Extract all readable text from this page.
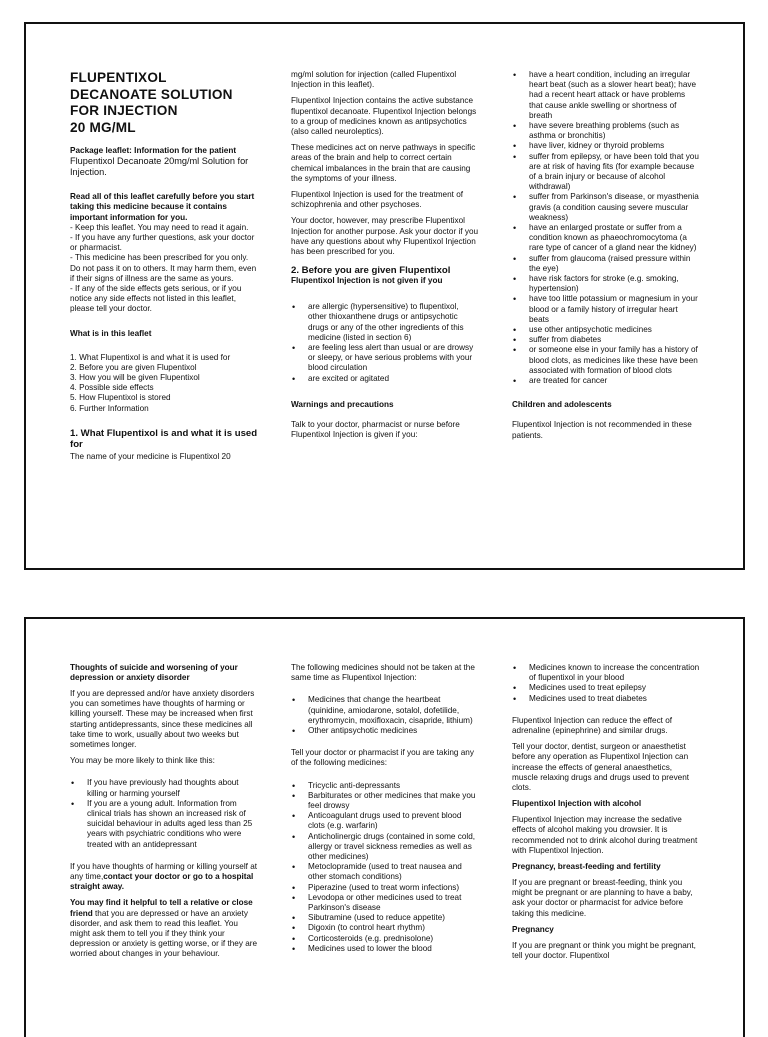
FLUPENTIXOL
DECANOATE SOLUTION
FOR INJECTION
20 MG/ML

Package leaflet: Information for the patient
Flupentixol Decanoate 20mg/ml Solution for Injection.

Read all of this leaflet carefully before you start taking this medicine because it contains important information for you.
- Keep this leaflet. You may need to read it again.
- If you have any further questions, ask your doctor or pharmacist.
- This medicine has been prescribed for you only. Do not pass it on to others. It may harm them, even if their signs of illness are the same as yours.
- If any of the side effects gets serious, or if you notice any side effects not listed in this leaflet, please tell your doctor.

What is in this leaflet
1. What Flupentixol is and what it is used for
2. Before you are given Flupentixol
3. How you will be given Flupentixol
4. Possible side effects
5. How Flupentixol is stored
6. Further Information
1. What Flupentixol is and what it is used for

The name of your medicine is Flupentixol 20

mg/ml solution for injection (called Flupentixol Injection in this leaflet).

Flupentixol Injection contains the active substance flupentixol decanoate. Flupentixol Injection belongs to a group of medicines known as antipsychotics (also called neuroleptics).

These medicines act on nerve pathways in specific areas of the brain and help to correct certain chemical imbalances in the brain that are causing the symptoms of your illness.

Flupentixol Injection is used for the treatment of schizophrenia and other psychoses.

Your doctor, however, may prescribe Flupentixol Injection for another purpose. Ask your doctor if you have any questions about why Flupentixol Injection has been prescribed for you.

2. Before you are given Flupentixol
Flupentixol Injection is not given if you
• are allergic (hypersensitive) to flupentixol, other thioxanthene drugs or antipsychotic drugs or any of the other ingredients of this medicine (listed in section 6)
• are feeling less alert than usual or are drowsy or sleepy, or have serious problems with your blood circulation
• are excited or agitated
Warnings and precautions

Talk to your doctor, pharmacist or nurse before Flupentixol Injection is given if you:

• have a heart condition, including an irregular heart beat (such as a slower heart beat); have had a recent heart attack or have problems that cause ankle swelling or shortness of breath
• have severe breathing problems (such as asthma or bronchitis)
• have liver, kidney or thyroid problems
• suffer from epilepsy, or have been told that you are at risk of having fits (for example because of a brain injury or because of alcohol withdrawal)
• suffer from Parkinson's disease, or myasthenia gravis (a condition causing severe muscular weakness)
• have an enlarged prostate or suffer from a condition known as phaeochromocytoma (a rare type of cancer of a gland near the kidney)
• suffer from glaucoma (raised pressure within the eye)
• have risk factors for stroke (e.g. smoking, hypertension)
• have too little potassium or magnesium in your blood or a family history of irregular heart beats
• use other antipsychotic medicines
• suffer from diabetes
• or someone else in your family has a history of blood clots, as medicines like these have been associated with formation of blood clots
• are treated for cancer
Children and adolescents

Flupentixol Injection is not recommended in these patients.

Thoughts of suicide and worsening of your depression or anxiety disorder

If you are depressed and/or have anxiety disorders you can sometimes have thoughts of harming or killing yourself. These may be increased when first starting antidepressants, since these medicines all take time to work, usually about two weeks but sometimes longer.

You may be more likely to think like this:

• If you have previously had thoughts about killing or harming yourself
• If you are a young adult. Information from clinical trials has shown an increased risk of suicidal behaviour in adults aged less than 25 years with psychiatric conditions who were treated with an antidepressant

If you have thoughts of harming or killing yourself at any time,contact your doctor or go to a hospital straight away.

You may find it helpful to tell a relative or close friend that you are depressed or have an anxiety disorder, and ask them to read this leaflet. You might ask them to tell you if they think your depression or anxiety is getting worse, or if they are worried about changes in your behaviour.

The following medicines should not be taken at the same time as Flupentixol Injection:

• Medicines that change the heartbeat (quinidine, amiodarone, sotalol, dofetilide, erythromycin, moxifloxacin, cisapride, lithium)
• Other antipsychotic medicines

Tell your doctor or pharmacist if you are taking any of the following medicines:

• Tricyclic anti-depressants
• Barbiturates or other medicines that make you feel drowsy
• Anticoagulant drugs used to prevent blood clots (e.g. warfarin)
• Anticholinergic drugs (contained in some cold, allergy or travel sickness remedies as well as other medicines)
• Metoclopramide (used to treat nausea and other stomach conditions)
• Piperazine (used to treat worm infections)
• Levodopa or other medicines used to treat Parkinson's disease
• Sibutramine (used to reduce appetite)
• Digoxin (to control heart rhythm)
• Corticosteroids (e.g. prednisolone)
• Medicines used to lower the blood
• Medicines known to increase the concentration of flupentixol in your blood
• Medicines used to treat epilepsy
• Medicines used to treat diabetes

Flupentixol Injection can reduce the effect of adrenaline (epinephrine) and similar drugs.

Tell your doctor, dentist, surgeon or anaesthetist before any operation as Flupentixol Injection can increase the effects of general anaesthetics, muscle relaxing drugs and drugs used to prevent clots.

Flupentixol Injection with alcohol

Flupentixol Injection may increase the sedative effects of alcohol making you drowsier. It is recommended not to drink alcohol during treatment with Flupentixol Injection.

Pregnancy, breast-feeding and fertility

If you are pregnant or breast-feeding, think you might be pregnant or are planning to have a baby, ask your doctor or pharmacist for advice before taking this medicine.

Pregnancy

If you are pregnant or think you might be pregnant, tell your doctor. Flupentixol
